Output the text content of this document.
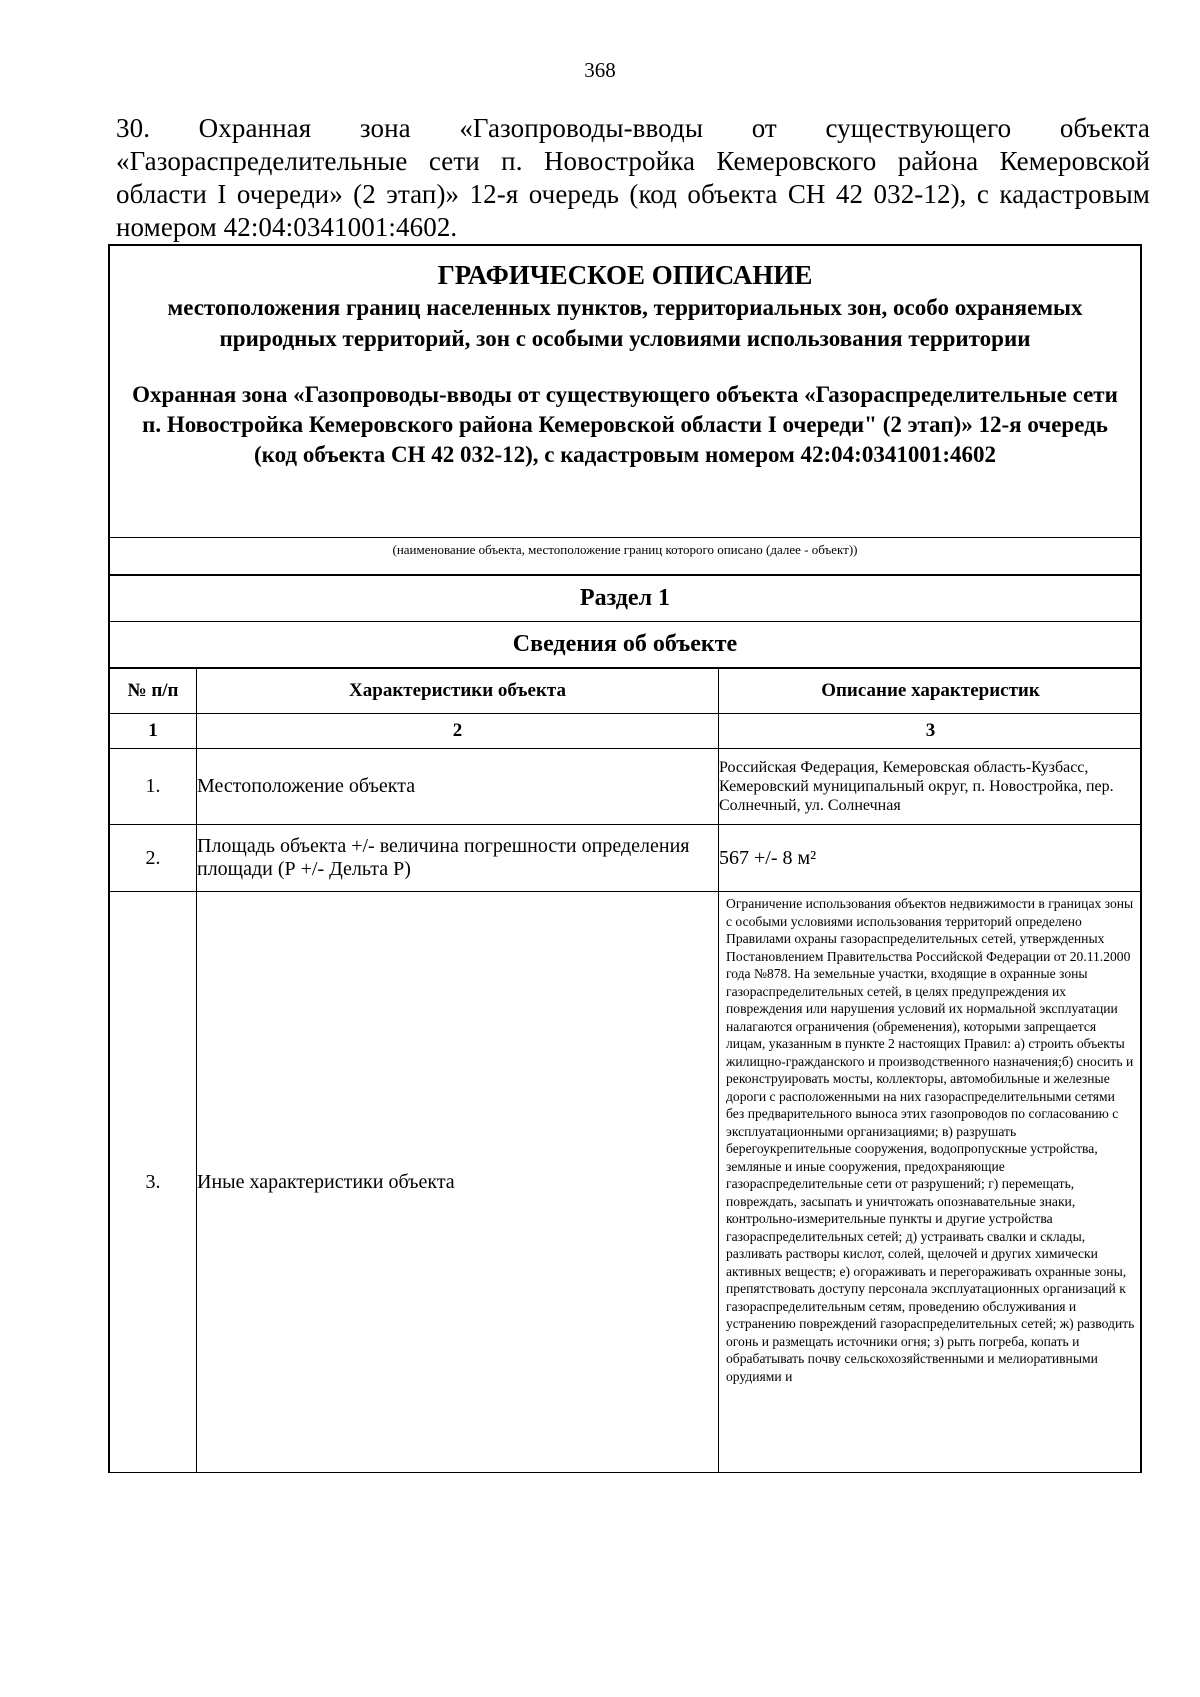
368
30. Охранная зона «Газопроводы-вводы от существующего объекта «Газораспределительные сети п. Новостройка Кемеровского района Кемеровской области I очереди» (2 этап)» 12-я очередь (код объекта СН 42 032-12), с кадастровым номером 42:04:0341001:4602.
ГРАФИЧЕСКОЕ ОПИСАНИЕ
местоположения границ населенных пунктов, территориальных зон, особо охраняемых природных территорий, зон с особыми условиями использования территории
Охранная зона «Газопроводы-вводы от существующего объекта «Газораспределительные сети п. Новостройка Кемеровского района Кемеровской области I очереди" (2 этап)» 12-я очередь (код объекта СН 42 032-12), с кадастровым номером 42:04:0341001:4602
(наименование объекта, местоположение границ которого описано (далее - объект))
Раздел 1
Сведения об объекте
№ п/п	Характеристики объекта	Описание характеристик
1	2	3
1.	Местоположение объекта	Российская Федерация, Кемеровская область-Кузбасс, Кемеровский муниципальный округ, п. Новостройка, пер. Солнечный, ул. Солнечная
2.	Площадь объекта +/- величина погрешности определения площади (Р +/- Дельта Р)	567 +/- 8 м²
3.	Иные характеристики объекта	Ограничение использования объектов недвижимости в границах зоны с особыми условиями использования территорий определено Правилами охраны газораспределительных сетей, утвержденных Постановлением Правительства Российской Федерации от 20.11.2000 года №878. На земельные участки, входящие в охранные зоны газораспределительных сетей, в целях предупреждения их повреждения или нарушения условий их нормальной эксплуатации налагаются ограничения (обременения), которыми запрещается лицам, указанным в пункте 2 настоящих Правил: а) строить объекты жилищно-гражданского и производственного назначения;б) сносить и реконструировать мосты, коллекторы, автомобильные и железные дороги с расположенными на них газораспределительными сетями без предварительного выноса этих газопроводов по согласованию с эксплуатационными организациями; в) разрушать берегоукрепительные сооружения, водопропускные устройства, земляные и иные сооружения, предохраняющие газораспределительные сети от разрушений; г) перемещать, повреждать, засыпать и уничтожать опознавательные знаки, контрольно-измерительные пункты и другие устройства газораспределительных сетей; д) устраивать свалки и склады, разливать растворы кислот, солей, щелочей и других химически активных веществ; е) огораживать и перегораживать охранные зоны, препятствовать доступу персонала эксплуатационных организаций к газораспределительным сетям, проведению обслуживания и устранению повреждений газораспределительных сетей; ж) разводить огонь и размещать источники огня; з) рыть погреба, копать и обрабатывать почву сельскохозяйственными и мелиоративными орудиями и
